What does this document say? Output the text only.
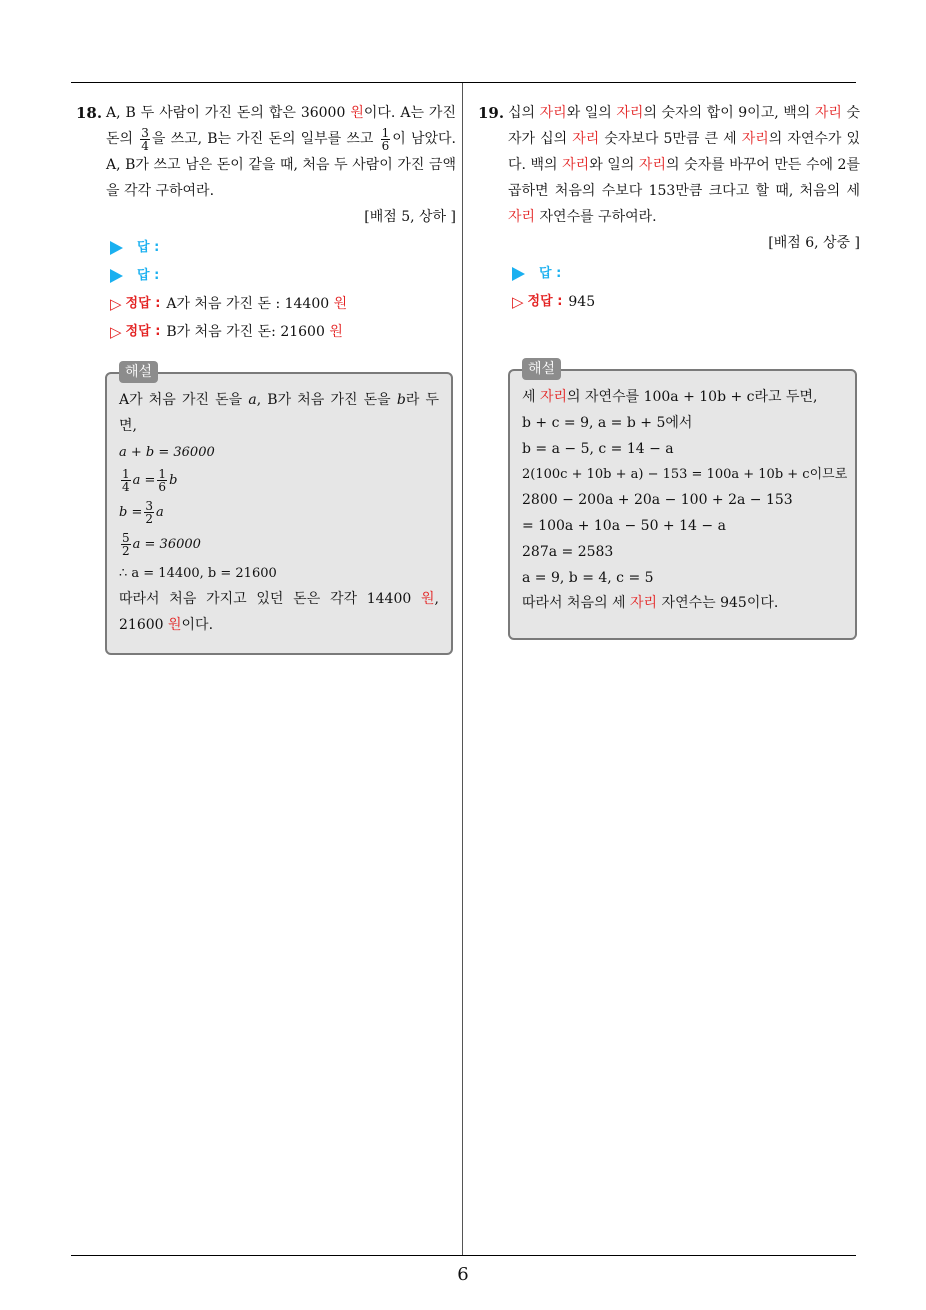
6
18. A, B 두 사람이 가진 돈의 합은 36000 원이다. A는 가진 돈의 $\frac{3}{4}$ 을 쓰고, B는 가진 돈의 일부를 쓰고 $\frac{1}{6}$ 이 남았다. A, B가 쓰고 남은 돈이 같을 때, 처음 두 사람이 가진 금액을 각각 구하여라.
[배점 5, 상하 ]
답 :
답 :
▷ 정답 : A가 처음 가진 돈 : 14400
원
▷ 정답 : B가 처음 가진 돈: 21600
원
해설
A가 처음 가진 돈을 a, B가 처음 가진 돈을 b라 두면,
a + b = 36000
$\frac{1}{4}$ $a = \frac{1}{6}$ b
$b = \frac{3}{2}$ a
$\frac{5}{2}$ a = 36000
∴ a = 14400, b = 21600
따라서 처음 가지고 있던 돈은 각각 14400 원, 21600 원이다.
19. 십의 자리와 일의 자리의 숫자의 합이 9이고, 백의 자리 숫자가 십의 자리 숫자보다 5만큼 큰 세 자리의 자연수가 있다. 백의 자리와 일의 자리의 숫자를 바꾸어 만든 수에 2를 곱하면 처음의 수보다 153만큼 크다고 할 때, 처음의 세 자리 자연수를 구하여라.
[배점 6, 상중 ]
답 :
▷ 정답 : 945
해설
세 자리의 자연수를 100a + 10b + c라고 두면,
b + c = 9, a = b + 5에서
b = a − 5, c = 14 − a
2(100c + 10b + a) − 153 = 100a + 10b + c이므로
2800 − 200a + 20a − 100 + 2a − 153
= 100a + 10a − 50 + 14 − a
287a = 2583
a = 9, b = 4, c = 5
따라서 처음의 세 자리 자연수는 945이다.
